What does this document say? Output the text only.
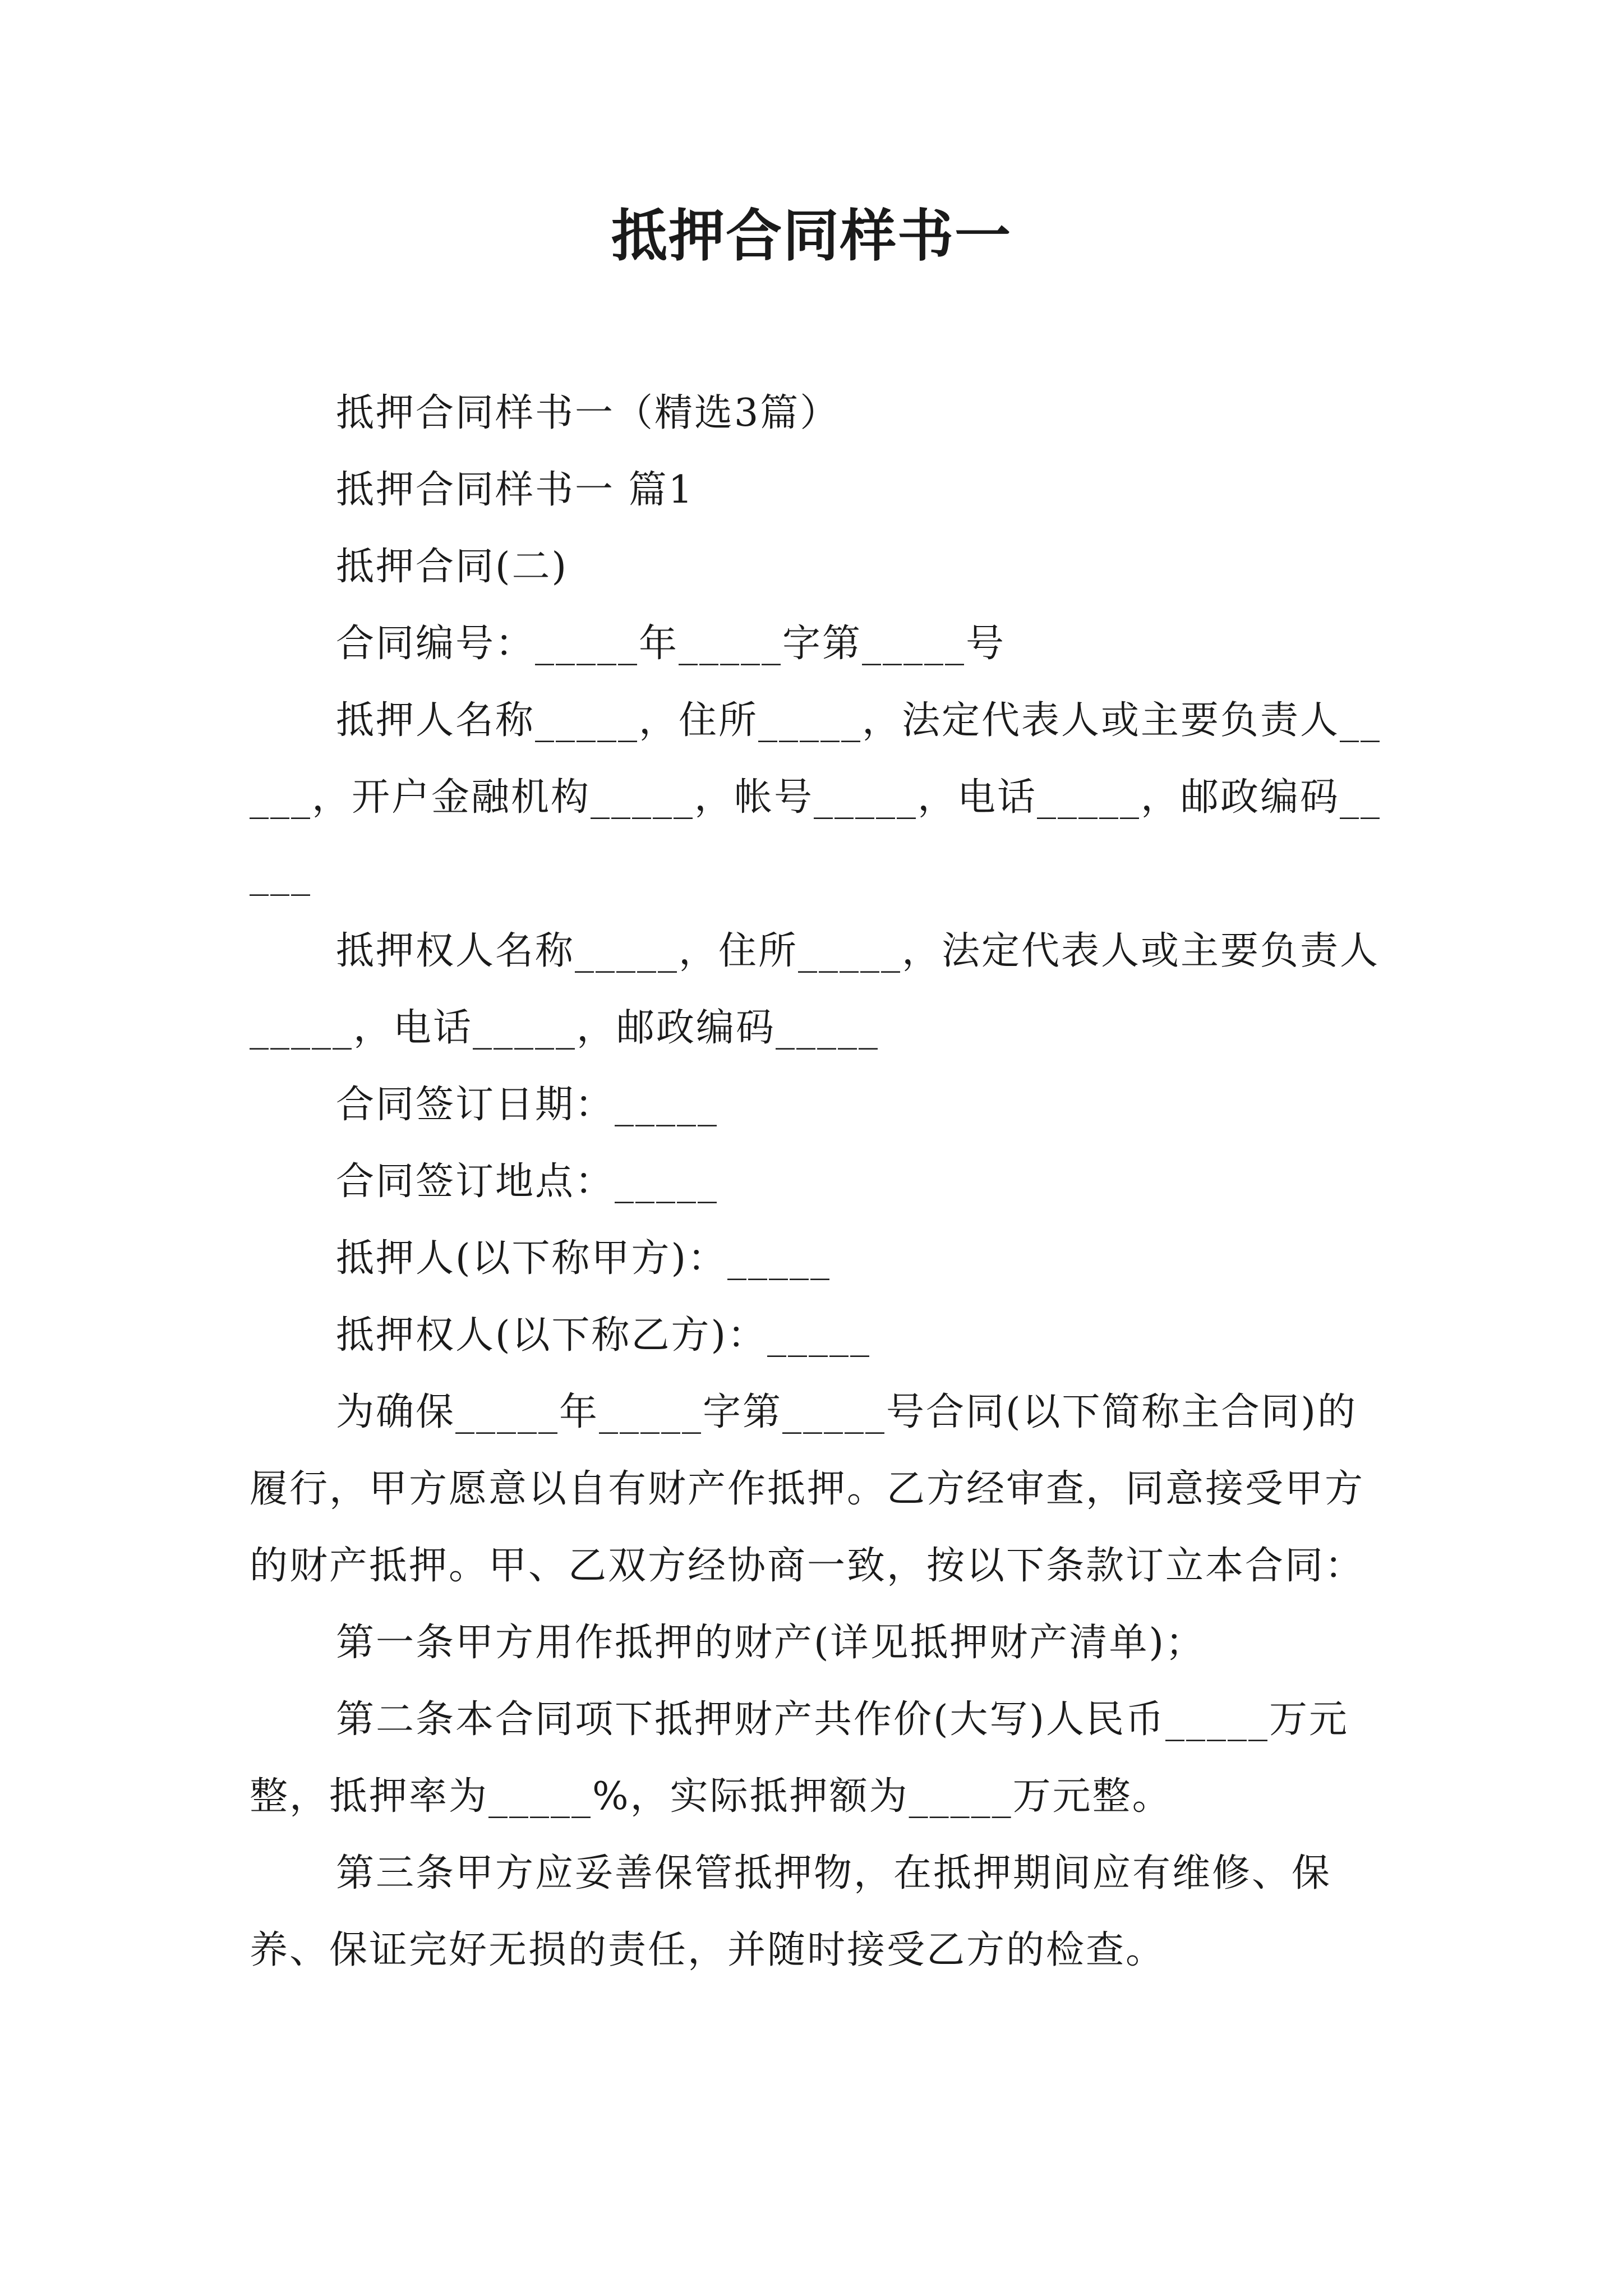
抵押合同样书一

抵押合同样书一（精选3篇）

抵押合同样书一 篇1

抵押合同(二)

合同编号：_____年_____字第_____号

抵押人名称_____，住所_____，法定代表人或主要负责人_____，开户金融机构_____，帐号_____，电话_____，邮政编码_____

抵押权人名称_____，住所_____，法定代表人或主要负责人_____，电话_____，邮政编码_____

合同签订日期：_____

合同签订地点：_____

抵押人(以下称甲方)：_____

抵押权人(以下称乙方)：_____

为确保_____年_____字第_____号合同(以下简称主合同)的履行，甲方愿意以自有财产作抵押。乙方经审查，同意接受甲方的财产抵押。甲、乙双方经协商一致，按以下条款订立本合同：

第一条甲方用作抵押的财产(详见抵押财产清单)；

第二条本合同项下抵押财产共作价(大写)人民币_____万元整，抵押率为_____%，实际抵押额为_____万元整。

第三条甲方应妥善保管抵押物，在抵押期间应有维修、保养、保证完好无损的责任，并随时接受乙方的检查。
